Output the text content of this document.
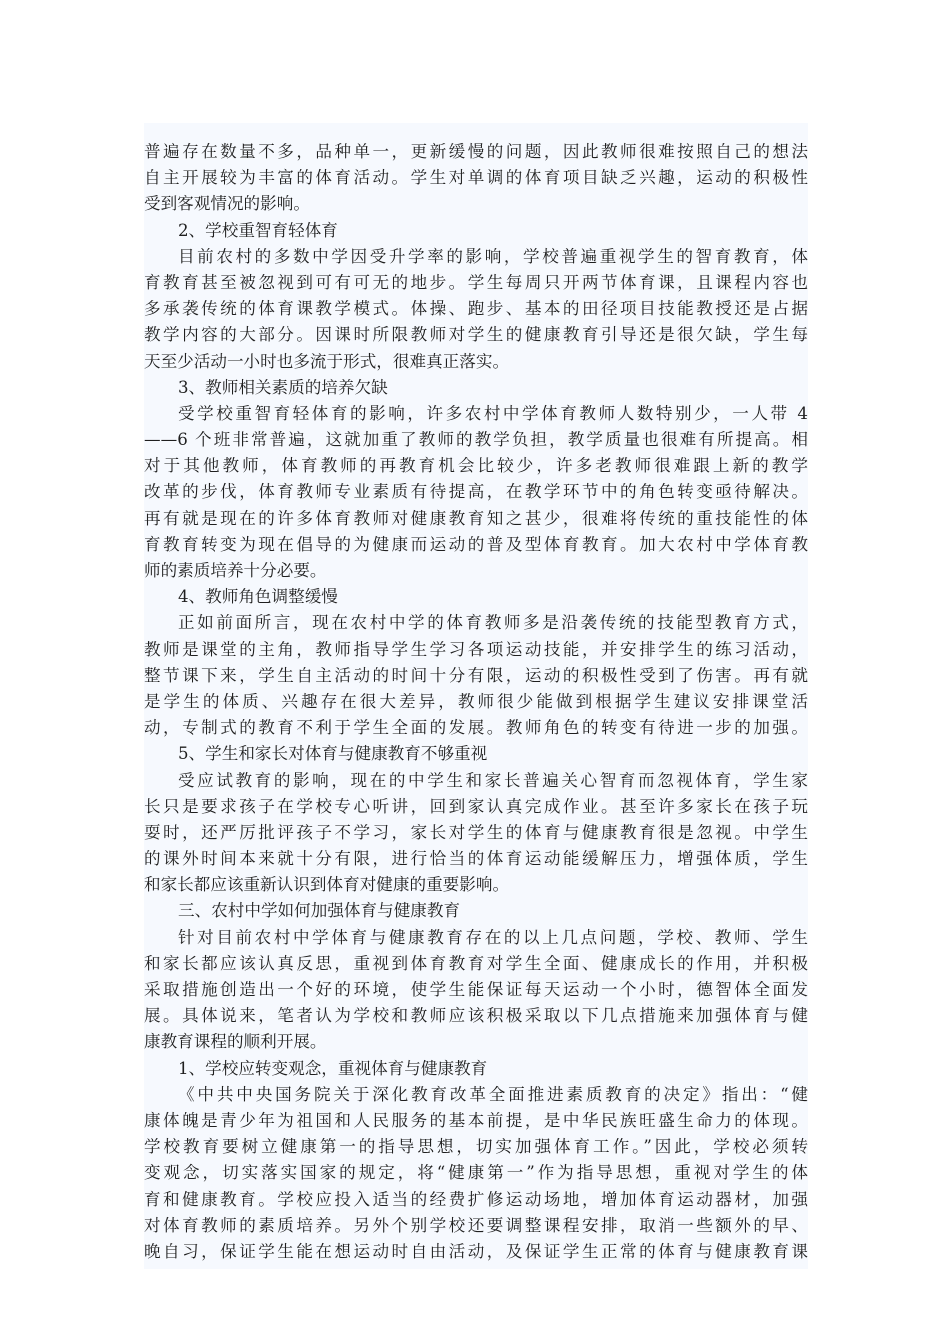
普遍存在数量不多，品种单一，更新缓慢的问题，因此教师很难按照自己的想法
自主开展较为丰富的体育活动。学生对单调的体育项目缺乏兴趣，运动的积极性
受到客观情况的影响。
2、学校重智育轻体育
目前农村的多数中学因受升学率的影响，学校普遍重视学生的智育教育，体
育教育甚至被忽视到可有可无的地步。学生每周只开两节体育课，且课程内容也
多承袭传统的体育课教学模式。体操、跑步、基本的田径项目技能教授还是占据
教学内容的大部分。因课时所限教师对学生的健康教育引导还是很欠缺，学生每
天至少活动一小时也多流于形式，很难真正落实。
3、教师相关素质的培养欠缺
受学校重智育轻体育的影响，许多农村中学体育教师人数特别少，一人带 4
——6 个班非常普遍，这就加重了教师的教学负担，教学质量也很难有所提高。相
对于其他教师，体育教师的再教育机会比较少，许多老教师很难跟上新的教学
改革的步伐，体育教师专业素质有待提高，在教学环节中的角色转变亟待解决。
再有就是现在的许多体育教师对健康教育知之甚少，很难将传统的重技能性的体
育教育转变为现在倡导的为健康而运动的普及型体育教育。加大农村中学体育教
师的素质培养十分必要。
4、教师角色调整缓慢
正如前面所言，现在农村中学的体育教师多是沿袭传统的技能型教育方式，
教师是课堂的主角，教师指导学生学习各项运动技能，并安排学生的练习活动，
整节课下来，学生自主活动的时间十分有限，运动的积极性受到了伤害。再有就
是学生的体质、兴趣存在很大差异，教师很少能做到根据学生建议安排课堂活
动，专制式的教育不利于学生全面的发展。教师角色的转变有待进一步的加强。
5、学生和家长对体育与健康教育不够重视
受应试教育的影响，现在的中学生和家长普遍关心智育而忽视体育，学生家
长只是要求孩子在学校专心听讲，回到家认真完成作业。甚至许多家长在孩子玩
耍时，还严厉批评孩子不学习，家长对学生的体育与健康教育很是忽视。中学生
的课外时间本来就十分有限，进行恰当的体育运动能缓解压力，增强体质，学生
和家长都应该重新认识到体育对健康的重要影响。
三、农村中学如何加强体育与健康教育
针对目前农村中学体育与健康教育存在的以上几点问题，学校、教师、学生
和家长都应该认真反思，重视到体育教育对学生全面、健康成长的作用，并积极
采取措施创造出一个好的环境，使学生能保证每天运动一个小时，德智体全面发
展。具体说来，笔者认为学校和教师应该积极采取以下几点措施来加强体育与健
康教育课程的顺利开展。
1、学校应转变观念，重视体育与健康教育
《中共中央国务院关于深化教育改革全面推进素质教育的决定》指出：“健
康体魄是青少年为祖国和人民服务的基本前提，是中华民族旺盛生命力的体现。
学校教育要树立健康第一的指导思想，切实加强体育工作。”因此，学校必须转
变观念，切实落实国家的规定，将“健康第一”作为指导思想，重视对学生的体
育和健康教育。学校应投入适当的经费扩修运动场地，增加体育运动器材，加强
对体育教师的素质培养。另外个别学校还要调整课程安排，取消一些额外的早、
晚自习，保证学生能在想运动时自由活动，及保证学生正常的体育与健康教育课
